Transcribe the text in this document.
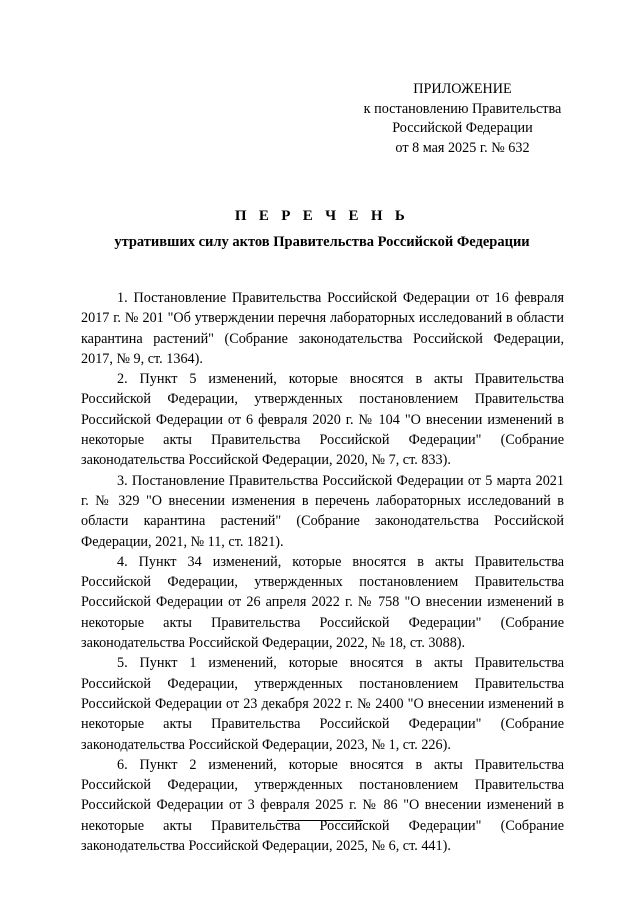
ПРИЛОЖЕНИЕ
к постановлению Правительства
Российской Федерации
от 8 мая 2025 г. № 632
П Е Р Е Ч Е Н Ь
утративших силу актов Правительства Российской Федерации

1. Постановление Правительства Российской Федерации от 16 февраля 2017 г. № 201 "Об утверждении перечня лабораторных исследований в области карантина растений" (Собрание законодательства Российской Федерации, 2017, № 9, ст. 1364).

2. Пункт 5 изменений, которые вносятся в акты Правительства Российской Федерации, утвержденных постановлением Правительства Российской Федерации от 6 февраля 2020 г. № 104 "О внесении изменений в некоторые акты Правительства Российской Федерации" (Собрание законодательства Российской Федерации, 2020, № 7, ст. 833).

3. Постановление Правительства Российской Федерации от 5 марта 2021 г. № 329 "О внесении изменения в перечень лабораторных исследований в области карантина растений" (Собрание законодательства Российской Федерации, 2021, № 11, ст. 1821).

4. Пункт 34 изменений, которые вносятся в акты Правительства Российской Федерации, утвержденных постановлением Правительства Российской Федерации от 26 апреля 2022 г. № 758 "О внесении изменений в некоторые акты Правительства Российской Федерации" (Собрание законодательства Российской Федерации, 2022, № 18, ст. 3088).

5. Пункт 1 изменений, которые вносятся в акты Правительства Российской Федерации, утвержденных постановлением Правительства Российской Федерации от 23 декабря 2022 г. № 2400 "О внесении изменений в некоторые акты Правительства Российской Федерации" (Собрание законодательства Российской Федерации, 2023, № 1, ст. 226).

6. Пункт 2 изменений, которые вносятся в акты Правительства Российской Федерации, утвержденных постановлением Правительства Российской Федерации от 3 февраля 2025 г. № 86 "О внесении изменений в некоторые акты Правительства Российской Федерации" (Собрание законодательства Российской Федерации, 2025, № 6, ст. 441).
